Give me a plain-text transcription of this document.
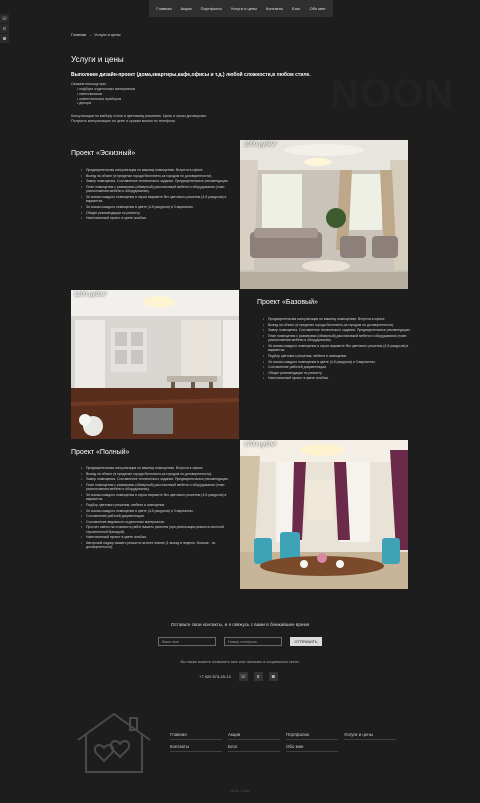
☏
в
◙
Главная Акции Портфолио Услуги и цены Контакты Блог Обо мне
NOON
Главная → Услуги и цены
Услуги и цены
Выполним дизайн-проект (дома,квартиры,кафе,офисы и т.д.) любой сложности,в любом стиле.
Окажем помощь при:
• подборе отделочных материалов
• светильников
• осветительных приборов
• декора
Консультации по выбору стиля и цветовому решению. Цены и сроки договорные.
Получить консультацию по цене и срокам можно по телефону.
Проект «Эскизный»
• Предварительная консультация по вашему помещению. Встреча в офисе.
• Выезд на объект (в пределах города бесплатно,за городом по договоренности).
• Замер помещения. Составление технического задания. Предварительные рекомендации.
• План помещения с размерами (обмерный),расстановкой мебели и оборудования (план расположения мебели и оборудования).
• 3d эскизы каждого помещения в серои варианте без цветового решения (4-5 ракурсов) в вариантах.
• 3d эскизы каждого помещения в цвете (4-5 ракурсов) в 3 вариантах.
• Общие рекомендации по ремонту.
• Напечатанный проект в цвете альбом.
1000 руб/м²
1200 руб/м²
Проект «Базовый»
• Предварительная консультация по вашему помещению. Встреча в офисе.
• Выезд на объект (в пределах города бесплатно,за городом по договоренности).
• Замер помещения. Составление технического задания. Предварительные рекомендации.
• План помещения с размерами (обмерный),расстановкой мебели и оборудования (план расположения мебели и оборудования).
• 3d эскизы каждого помещения в серои варианте без цветового решения (4-5 ракурсов) в вариантах.
• Подбор цветового решения, мебели и освещения.
• 3d эскизы каждого помещения в цвете (4-5 ракурсов) и 3 вариантах.
• Составление рабочей документации.
• Общие рекомендации по ремонту.
• Напечатанный проект в цвете альбом.
Проект «Полный»
• Предварительная консультация по вашему помещению. Встреча в офисе.
• Выезд на объект (в пределах города бесплатно,за городом по договоренности).
• Замер помещения. Составление технического задания. Предварительные рекомендации.
• План помещения с размерами (обмерный),расстановкой мебели и оборудования (план расположения мебели и оборудования).
• 3d эскизы каждого помещения в серои варианте без цветового решения (4-5 ракурсов) в вариантах.
• Подбор цветового решения, мебели и освещения.
• 3d эскизы каждого помещения в цвете (4-5 ракурсов) и 3 вариантах.
• Составление рабочей документации.
• Составление ведомости отделочных материалов.
• Просчет сметы на стоимость работ вашего ремонта (при реализации ремонта опытной строительной бригадой).
• Напечатанный проект в цвете альбом.
• Авторский надзор вашего ремонта на всех этапах (1 выезд в неделю, больше - по договоренности).
1700 руб/м²
Оставьте свои контакты, и я свяжусь с вами в ближайшее время
Ваше имя	Номер телефона	ОТПРАВИТЬ
Вы также можете позвонить мне или написать в социальных сетях:
+7 920 573-20-13 ☏	в	◙
Главная	Акции	Портфолио	Услуги и цены
Контакты	Блог	Обо мне
NOON © 2020
